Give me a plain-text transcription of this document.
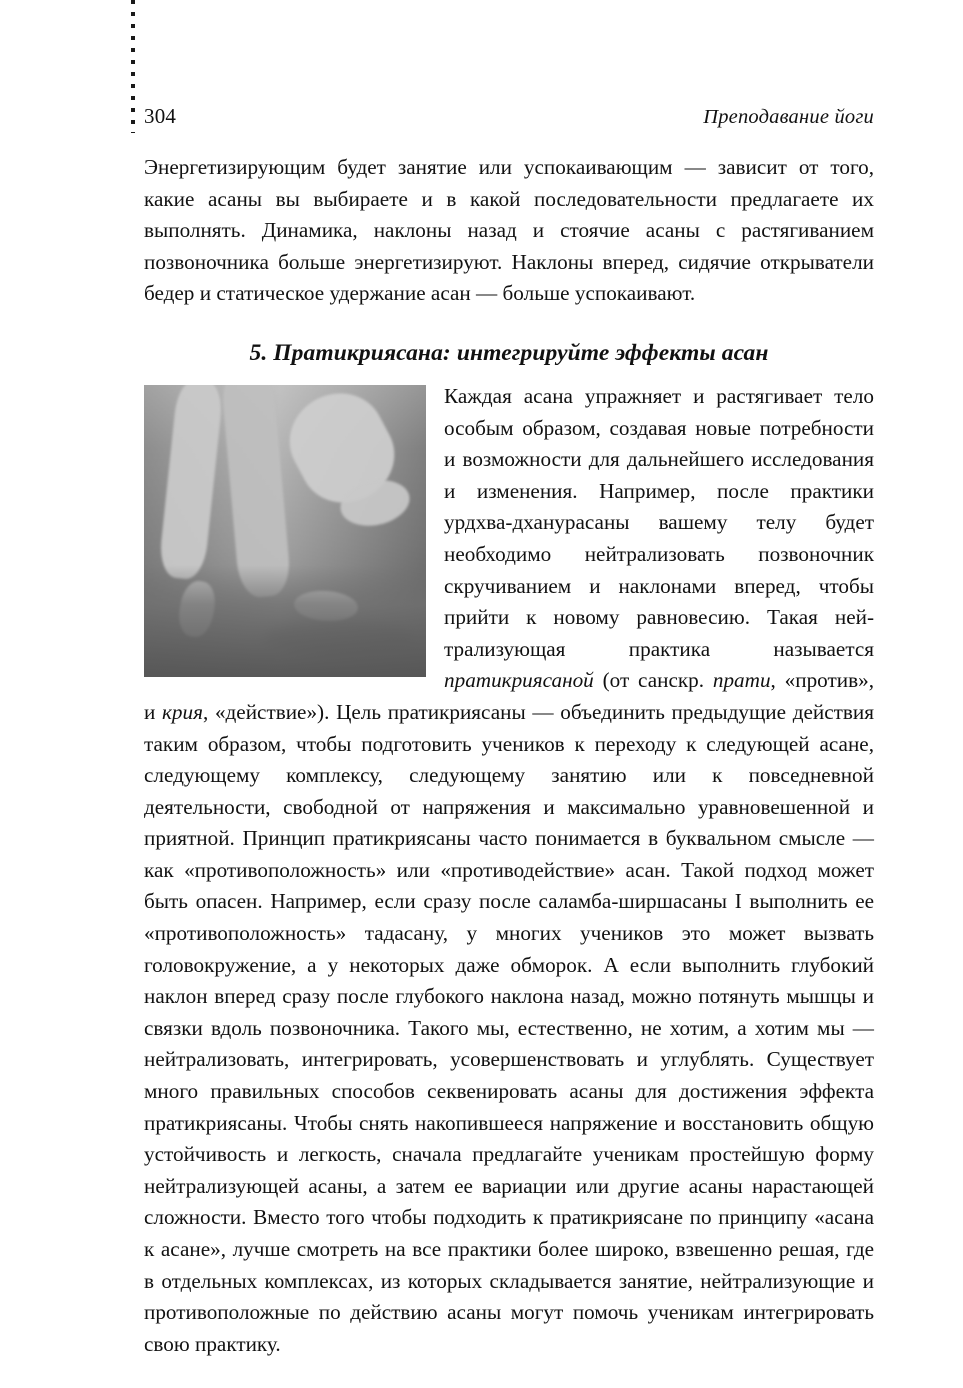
304	Преподавание йоги

Энергетизирующим будет занятие или успокаивающим — зависит от того, какие асаны вы выбираете и в какой последовательности предлагаете их выполнять. Динамика, наклоны назад и стоячие асаны с растягиванием позвоночника больше энергетизируют. Наклоны вперед, сидячие открыватели бедер и статическое удержание асан — больше успокаивают.

5. Пратикриясана: интегрируйте эффекты асан

Каждая асана упражняет и растягивает тело особым образом, создавая новые потребности и возможности для дальнейшего исследования и изменения. Например, после практики урдхва-дханурасаны вашему телу будет необходимо нейтрализовать позвоночник скручиванием и наклонами вперед, чтобы прийти к новому равновесию. Такая нейтрализующая практика называется пратикриясаной (от санскр. прати, «против», и крия, «действие»). Цель пратикриясаны — объединить предыдущие действия таким образом, чтобы подготовить учеников к переходу к следующей асане, следующему комплексу, следующему занятию или к повседневной деятельности, свободной от напряжения и максимально уравновешенной и приятной. Принцип пратикриясаны часто понимается в буквальном смысле — как «противоположность» или «противодействие» асан. Такой подход может быть опасен. Например, если сразу после саламба-ширшасаны I выполнить ее «противоположность» тадасану, у многих учеников это может вызвать головокружение, а у некоторых даже обморок. А если выполнить глубокий наклон вперед сразу после глубокого наклона назад, можно потянуть мышцы и связки вдоль позвоночника. Такого мы, естественно, не хотим, а хотим мы — нейтрализовать, интегрировать, усовершенствовать и углублять. Существует много правильных способов секвенировать асаны для достижения эффекта пратикриясаны. Чтобы снять накопившееся напряжение и восстановить общую устойчивость и легкость, сначала предлагайте ученикам простейшую форму нейтрализующей асаны, а затем ее вариации или другие асаны нарастающей сложности. Вместо того чтобы подходить к пратикриясане по принципу «асана к асане», лучше смотреть на все практики более широко, взвешенно решая, где в отдельных комплексах, из которых складывается занятие, нейтрализующие и противоположные по действию асаны могут помочь ученикам интегрировать свою практику.
